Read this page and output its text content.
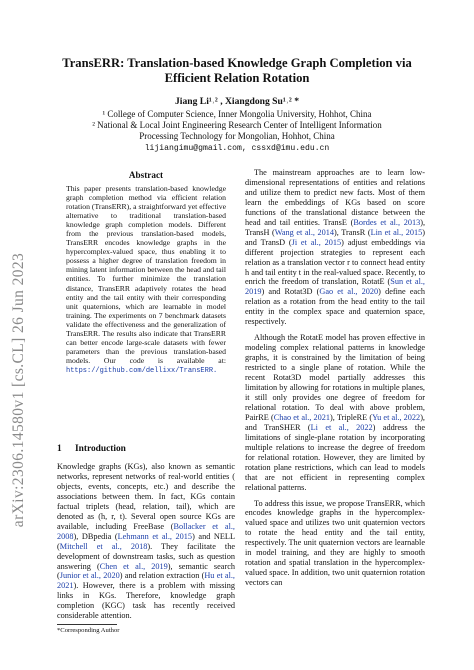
arXiv:2306.14580v1 [cs.CL] 26 Jun 2023
TransERR: Translation-based Knowledge Graph Completion via Efficient Relation Rotation
Jiang Li¹˒² , Xiangdong Su¹˒² *
¹ College of Computer Science, Inner Mongolia University, Hohhot, China
² National & Local Joint Engineering Research Center of Intelligent Information
Processing Technology for Mongolian, Hohhot, China
lijiangimu@gmail.com, cssxd@imu.edu.cn
Abstract

This paper presents translation-based knowledge graph completion method via efficient relation rotation (TransERR), a straightforward yet effective alternative to traditional translation-based knowledge graph completion models. Different from the previous translation-based models, TransERR encodes knowledge graphs in the hypercomplex-valued space, thus enabling it to possess a higher degree of translation freedom in mining latent information between the head and tail entities. To further minimize the translation distance, TransERR adaptively rotates the head entity and the tail entity with their corresponding unit quaternions, which are learnable in model training. The experiments on 7 benchmark datasets validate the effectiveness and the generalization of TransERR. The results also indicate that TransERR can better encode large-scale datasets with fewer parameters than the previous translation-based models. Our code is available at: https://github.com/dellixx/TransERR.

1 Introduction

Knowledge graphs (KGs), also known as semantic networks, represent networks of real-world entities ( objects, events, concepts, etc.) and describe the associations between them. In fact, KGs contain factual triplets (head, relation, tail), which are denoted as (h, r, t). Several open source KGs are available, including FreeBase (Bollacker et al., 2008), DBpedia (Lehmann et al., 2015) and NELL (Mitchell et al., 2018). They facilitate the development of downstream tasks, such as question answering (Chen et al., 2019), semantic search (Junior et al., 2020) and relation extraction (Hu et al., 2021). However, there is a problem with missing links in KGs. Therefore, knowledge graph completion (KGC) task has recently received considerable attention.

*Corresponding Author

The mainstream approaches are to learn low-dimensional representations of entities and relations and utilize them to predict new facts. Most of them learn the embeddings of KGs based on score functions of the translational distance between the head and tail entities. TransE (Bordes et al., 2013), TransH (Wang et al., 2014), TransR (Lin et al., 2015) and TransD (Ji et al., 2015) adjust embeddings via different projection strategies to represent each relation as a translation vector r to connect head entity h and tail entity t in the real-valued space. Recently, to enrich the freedom of translation, RotatE (Sun et al., 2019) and Rotat3D (Gao et al., 2020) define each relation as a rotation from the head entity to the tail entity in the complex space and quaternion space, respectively.

Although the RotatE model has proven effective in modeling complex relational patterns in knowledge graphs, it is constrained by the limitation of being restricted to a single plane of rotation. While the recent Rotat3D model partially addresses this limitation by allowing for rotations in multiple planes, it still only provides one degree of freedom for relational rotation. To deal with above problem, PairRE (Chao et al., 2021), TripleRE (Yu et al., 2022), and TranSHER (Li et al., 2022) address the limitations of single-plane rotation by incorporating multiple relations to increase the degree of freedom for relational rotation. However, they are limited by rotation plane restrictions, which can lead to models that are not efficient in representing complex relational patterns.

To address this issue, we propose TransERR, which encodes knowledge graphs in the hypercomplex-valued space and utilizes two unit quaternion vectors to rotate the head entity and the tail entity, respectively. The unit quaternion vectors are learnable in model training, and they are highly to smooth rotation and spatial translation in the hypercomplex-valued space. In addition, two unit quaternion rotation vectors can
